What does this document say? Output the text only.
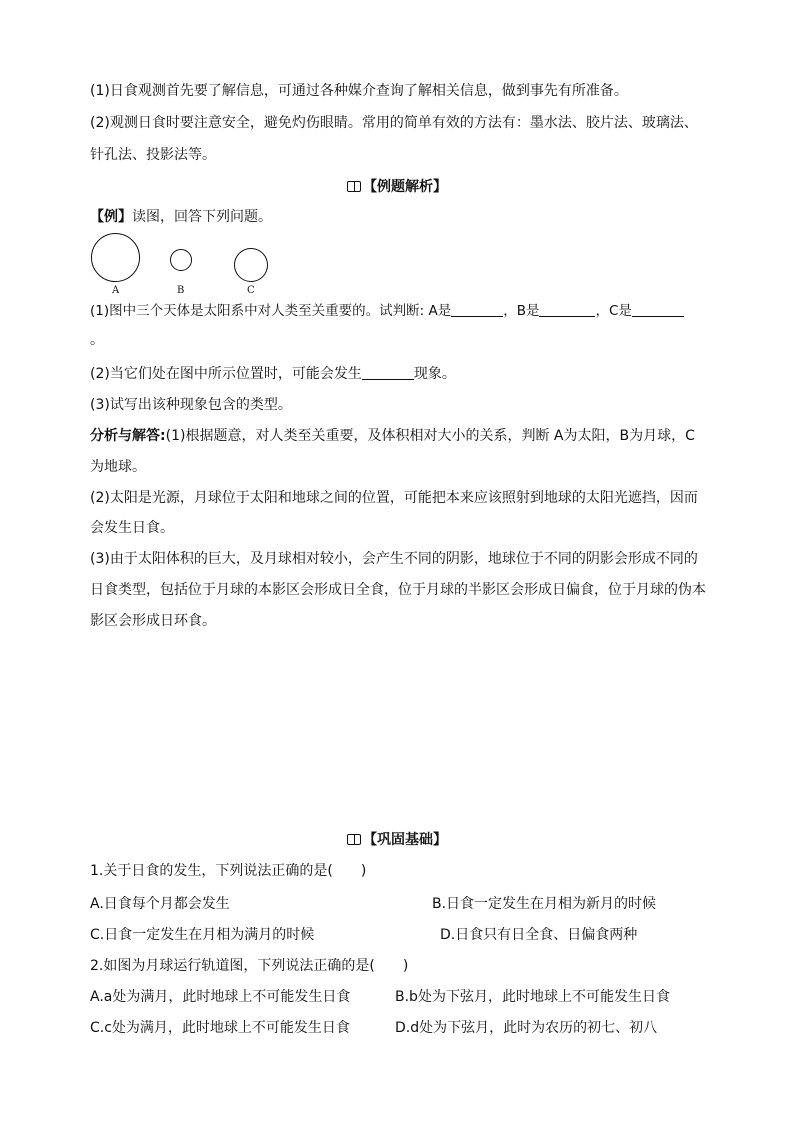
(1)日食观测首先要了解信息，可通过各种媒介查询了解相关信息，做到事先有所准备。
(2)观测日食时要注意安全，避免灼伤眼睛。常用的简单有效的方法有：墨水法、胶片法、玻璃法、
针孔法、投影法等。
【例题解析】
【例】读图，回答下列问题。
A	B	C
(1)图中三个天体是太阳系中对人类至关重要的。试判断: A是	，B是	，C是
。
(2)当它们处在图中所示位置时，可能会发生	现象。
(3)试写出该种现象包含的类型。
分析与解答:(1)根据题意，对人类至关重要，及体积相对大小的关系，判断 A为太阳，B为月球，C
为地球。
(2)太阳是光源，月球位于太阳和地球之间的位置，可能把本来应该照射到地球的太阳光遮挡，因而
会发生日食。
(3)由于太阳体积的巨大，及月球相对较小，会产生不同的阴影，地球位于不同的阴影会形成不同的
日食类型，包括位于月球的本影区会形成日全食，位于月球的半影区会形成日偏食，位于月球的伪本
影区会形成日环食。
【巩固基础】
1.关于日食的发生，下列说法正确的是(　　)
A.日食每个月都会发生	B.日食一定发生在月相为新月的时候
C.日食一定发生在月相为满月的时候	D.日食只有日全食、日偏食两种
2.如图为月球运行轨道图，下列说法正确的是(　　)
A.a处为满月，此时地球上不可能发生日食	B.b处为下弦月，此时地球上不可能发生日食
C.c处为满月，此时地球上不可能发生日食	D.d处为下弦月，此时为农历的初七、初八
